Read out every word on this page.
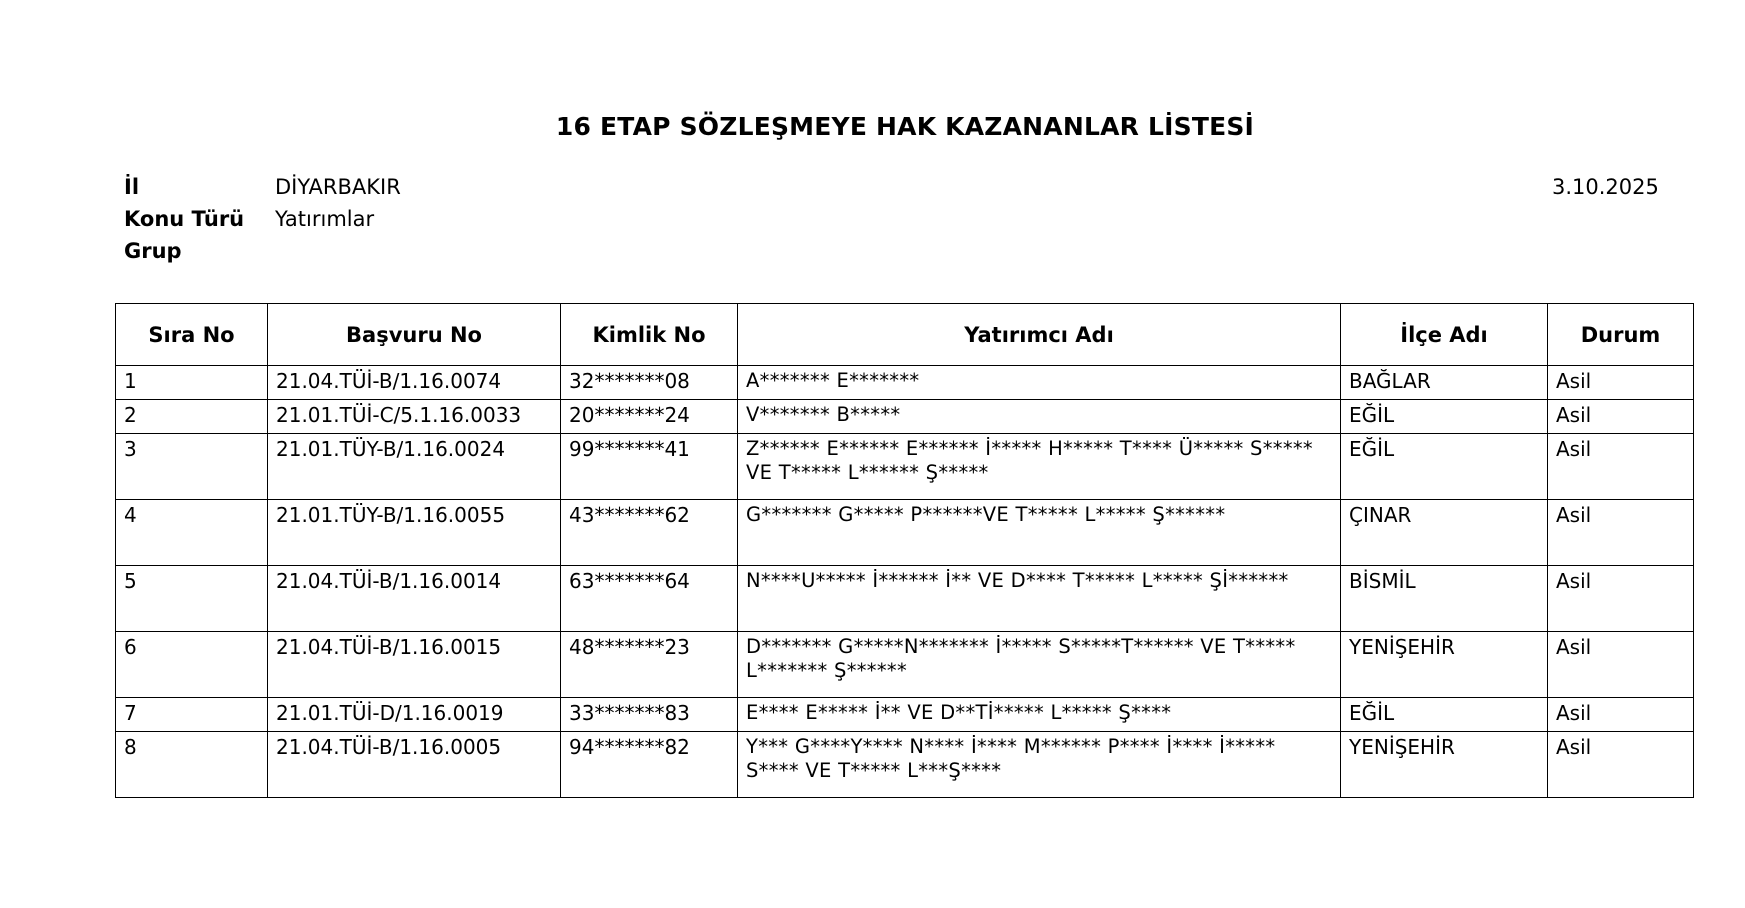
16 ETAP SÖZLEŞMEYE HAK KAZANANLAR LİSTESİ
İl	DİYARBAKIR
Konu Türü	Yatırımlar
Grup
3.10.2025
Sıra No	Başvuru No	Kimlik No	Yatırımcı Adı	İlçe Adı	Durum
1	21.04.TÜİ-B/1.16.0074	32*******08	A******* E*******	BAĞLAR	Asil
2	21.01.TÜİ-C/5.1.16.0033	20*******24	V******* B*****	EĞİL	Asil
3	21.01.TÜY-B/1.16.0024	99*******41	Z****** E****** E****** İ***** H***** T**** Ü***** S***** VE T***** L****** Ş*****	EĞİL	Asil
4	21.01.TÜY-B/1.16.0055	43*******62	G******* G***** P******VE T***** L***** Ş******	ÇINAR	Asil
5	21.04.TÜİ-B/1.16.0014	63*******64	N****U***** İ****** İ** VE D**** T***** L***** Şİ******	BİSMİL	Asil
6	21.04.TÜİ-B/1.16.0015	48*******23	D******* G*****N******* İ***** S*****T****** VE T***** L******* Ş******	YENİŞEHİR	Asil
7	21.01.TÜİ-D/1.16.0019	33*******83	E**** E***** İ** VE D**Tİ***** L***** Ş****	EĞİL	Asil
8	21.04.TÜİ-B/1.16.0005	94*******82	Y*** G****Y**** N**** İ**** M****** P**** İ**** İ***** S**** VE T***** L***Ş****	YENİŞEHİR	Asil
